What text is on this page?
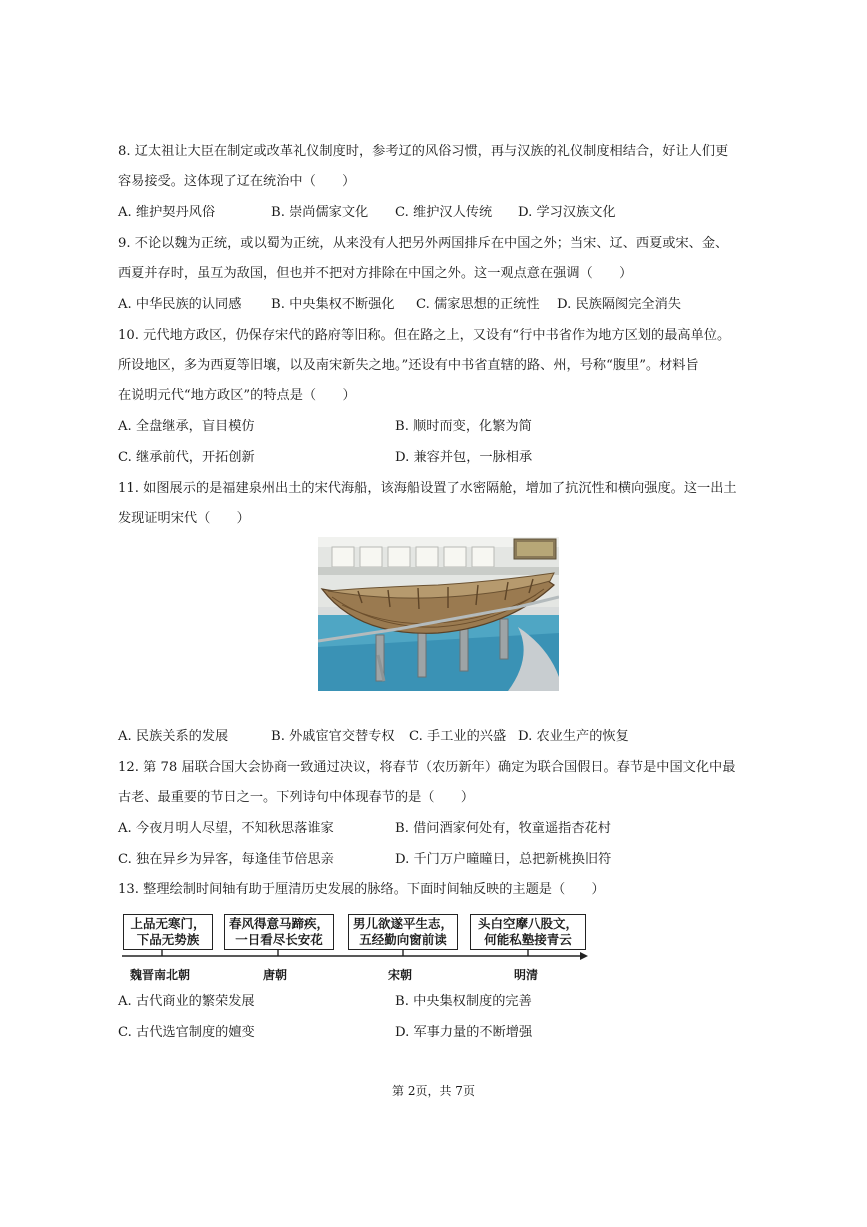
8. 辽太祖让大臣在制定或改革礼仪制度时，参考辽的风俗习惯，再与汉族的礼仪制度相结合，好让人们更
容易接受。这体现了辽在统治中（　　）
A. 维护契丹风俗	B. 崇尚儒家文化 C. 维护汉人传统 D. 学习汉族文化
9. 不论以魏为正统，或以蜀为正统，从来没有人把另外两国排斥在中国之外；当宋、辽、西夏或宋、金、
西夏并存时，虽互为敌国，但也并不把对方排除在中国之外。这一观点意在强调（　　）
A. 中华民族的认同感 B. 中央集权不断强化 C. 儒家思想的正统性 D. 民族隔阂完全消失
10. 元代地方政区，仍保存宋代的路府等旧称。但在路之上，又设有“行中书省作为地方区划的最高单位。
所设地区，多为西夏等旧壤，以及南宋新失之地。”还设有中书省直辖的路、州，号称“腹里”。材料旨
在说明元代“地方政区”的特点是（　　）
A. 全盘继承，盲目模仿	B. 顺时而变，化繁为简
C. 继承前代，开拓创新	D. 兼容并包，一脉相承
11. 如图展示的是福建泉州出土的宋代海船，该海船设置了水密隔舱，增加了抗沉性和横向强度。这一出土
发现证明宋代（　　）
A. 民族关系的发展	B. 外戚宦官交替专权 C. 手工业的兴盛 D. 农业生产的恢复
12. 第 78 届联合国大会协商一致通过决议，将春节（农历新年）确定为联合国假日。春节是中国文化中最
古老、最重要的节日之一。下列诗句中体现春节的是（　　）
A. 今夜月明人尽望，不知秋思落谁家	B. 借问酒家何处有，牧童遥指杏花村
C. 独在异乡为异客，每逢佳节倍思亲	D. 千门万户曈曈日，总把新桃换旧符
13. 整理绘制时间轴有助于厘清历史发展的脉络。下面时间轴反映的主题是（　　）
上品无寒门，
下品无势族
春风得意马蹄疾，
一日看尽长安花
男儿欲遂平生志，
五经勤向窗前读
头白空摩八股文，
何能私塾接青云
魏晋南北朝	唐朝	宋朝	明清
A. 古代商业的繁荣发展	B. 中央集权制度的完善
C. 古代选官制度的嬗变	D. 军事力量的不断增强
第 2页，共 7页
